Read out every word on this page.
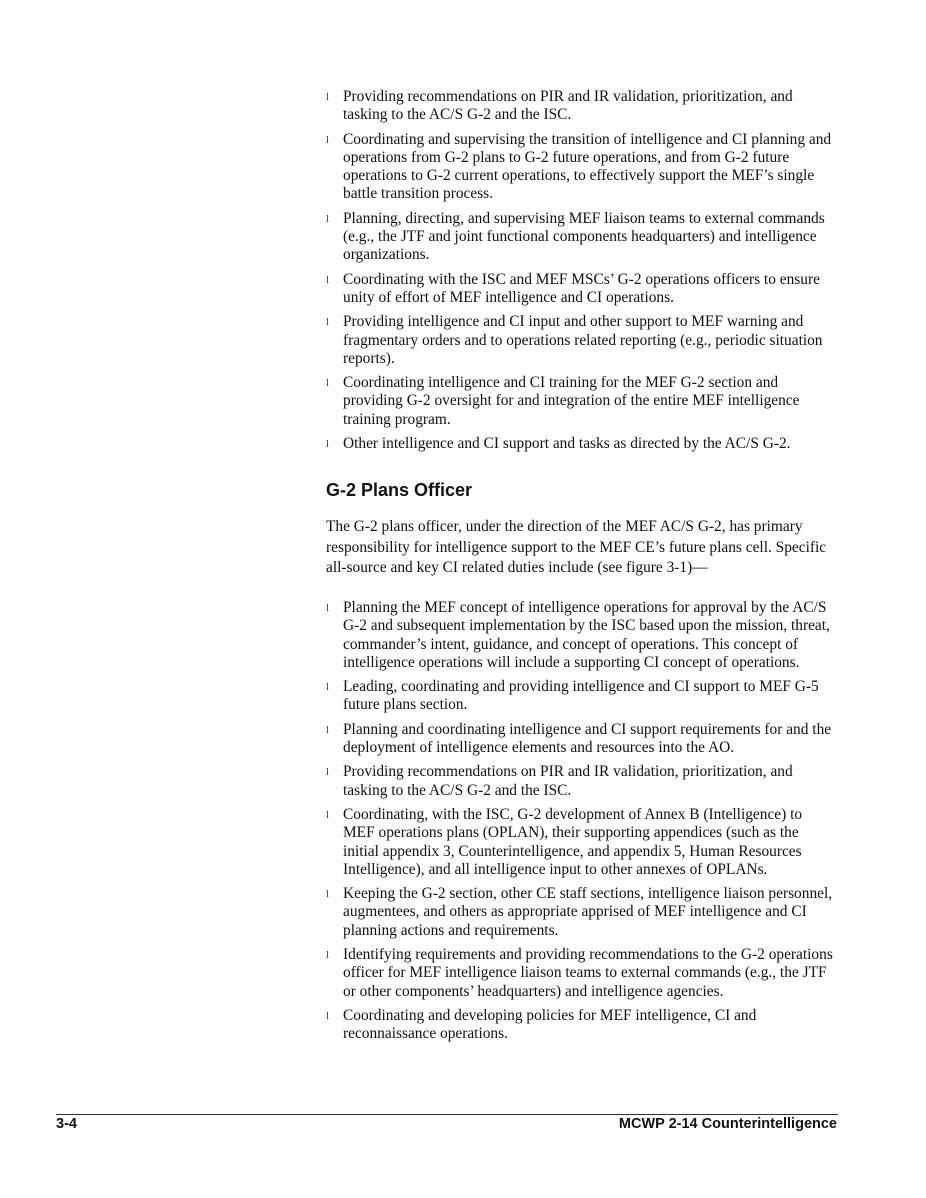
l Providing recommendations on PIR and IR validation, prioritization, and tasking to the AC/S G-2 and the ISC.
l Coordinating and supervising the transition of intelligence and CI planning and operations from G-2 plans to G-2 future operations, and from G-2 future operations to G-2 current operations, to effectively support the MEF’s single battle transition process.
l Planning, directing, and supervising MEF liaison teams to external commands (e.g., the JTF and joint functional components headquarters) and intelligence organizations.
l Coordinating with the ISC and MEF MSCs’ G-2 operations officers to ensure unity of effort of MEF intelligence and CI operations.
l Providing intelligence and CI input and other support to MEF warning and fragmentary orders and to operations related reporting (e.g., periodic situation reports).
l Coordinating intelligence and CI training for the MEF G-2 section and providing G-2 oversight for and integration of the entire MEF intelligence training program.
l Other intelligence and CI support and tasks as directed by the AC/S G-2.
G-2 Plans Officer

The G-2 plans officer, under the direction of the MEF AC/S G-2, has primary responsibility for intelligence support to the MEF CE’s future plans cell. Specific all-source and key CI related duties include (see figure 3-1)—

l Planning the MEF concept of intelligence operations for approval by the AC/S G-2 and subsequent implementation by the ISC based upon the mission, threat, commander’s intent, guidance, and concept of operations. This concept of intelligence operations will include a supporting CI concept of operations.
l Leading, coordinating and providing intelligence and CI support to MEF G-5 future plans section.
l Planning and coordinating intelligence and CI support requirements for and the deployment of intelligence elements and resources into the AO.
l Providing recommendations on PIR and IR validation, prioritization, and tasking to the AC/S G-2 and the ISC.
l Coordinating, with the ISC, G-2 development of Annex B (Intelligence) to MEF operations plans (OPLAN), their supporting appendices (such as the initial appendix 3, Counterintelligence, and appendix 5, Human Resources Intelligence), and all intelligence input to other annexes of OPLANs.
l Keeping the G-2 section, other CE staff sections, intelligence liaison personnel, augmentees, and others as appropriate apprised of MEF intelligence and CI planning actions and requirements.
l Identifying requirements and providing recommendations to the G-2 operations officer for MEF intelligence liaison teams to external commands (e.g., the JTF or other components’ headquarters) and intelligence agencies.
l Coordinating and developing policies for MEF intelligence, CI and reconnaissance operations.

3-4	MCWP 2-14 Counterintelligence
